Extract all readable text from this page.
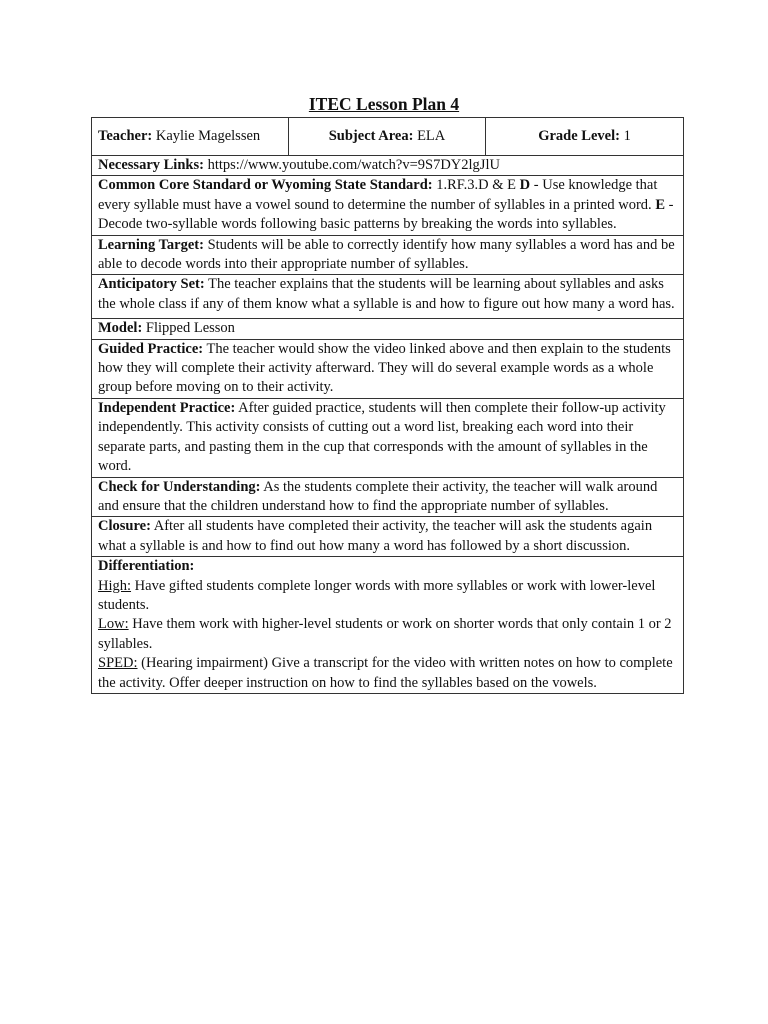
ITEC Lesson Plan 4
Teacher: Kaylie Magelssen	Subject Area: ELA	Grade Level: 1
Necessary Links: https://www.youtube.com/watch?v=9S7DY2lgJlU
Common Core Standard or Wyoming State Standard: 1.RF.3.D & E D - Use knowledge that every syllable must have a vowel sound to determine the number of syllables in a printed word. E - Decode two-syllable words following basic patterns by breaking the words into syllables.
Learning Target: Students will be able to correctly identify how many syllables a word has and be able to decode words into their appropriate number of syllables.
Anticipatory Set: The teacher explains that the students will be learning about syllables and asks the whole class if any of them know what a syllable is and how to figure out how many a word has.
Model: Flipped Lesson
Guided Practice: The teacher would show the video linked above and then explain to the students how they will complete their activity afterward. They will do several example words as a whole group before moving on to their activity.
Independent Practice: After guided practice, students will then complete their follow-up activity independently. This activity consists of cutting out a word list, breaking each word into their separate parts, and pasting them in the cup that corresponds with the amount of syllables in the word.
Check for Understanding: As the students complete their activity, the teacher will walk around and ensure that the children understand how to find the appropriate number of syllables.
Closure: After all students have completed their activity, the teacher will ask the students again what a syllable is and how to find out how many a word has followed by a short discussion.

Differentiation:
High: Have gifted students complete longer words with more syllables or work with lower-level students.
Low: Have them work with higher-level students or work on shorter words that only contain 1 or 2 syllables.
SPED: (Hearing impairment) Give a transcript for the video with written notes on how to complete the activity. Offer deeper instruction on how to find the syllables based on the vowels.
